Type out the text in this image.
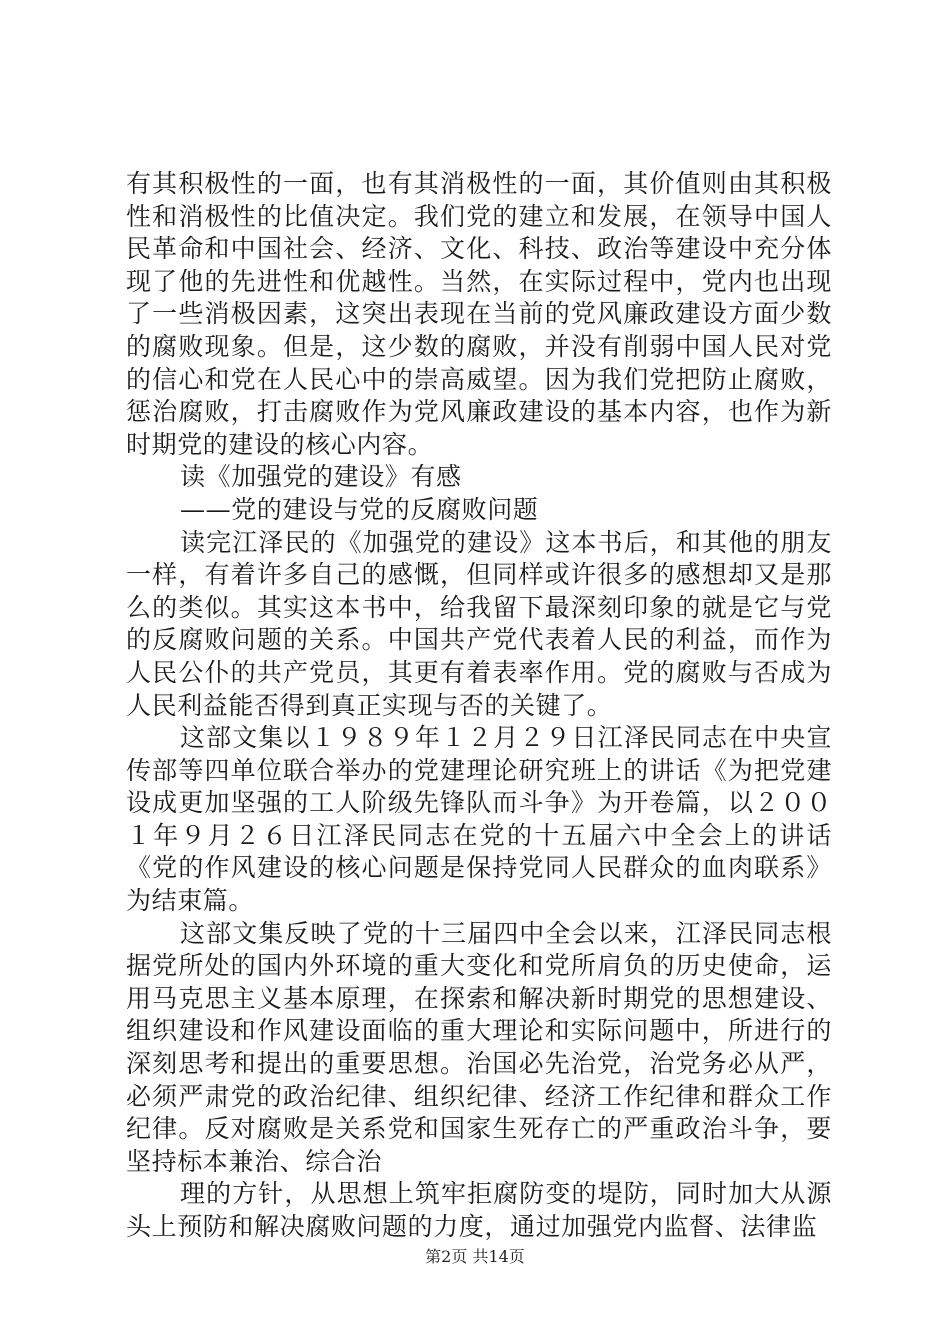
有其积极性的一面，也有其消极性的一面，其价值则由其积极性和消极性的比值决定。我们党的建立和发展，在领导中国人民革命和中国社会、经济、文化、科技、政治等建设中充分体现了他的先进性和优越性。当然，在实际过程中，党内也出现了一些消极因素，这突出表现在当前的党风廉政建设方面少数的腐败现象。但是，这少数的腐败，并没有削弱中国人民对党的信心和党在人民心中的崇高威望。因为我们党把防止腐败，惩治腐败，打击腐败作为党风廉政建设的基本内容，也作为新时期党的建设的核心内容。

读《加强党的建设》有感

——党的建设与党的反腐败问题

读完江泽民的《加强党的建设》这本书后，和其他的朋友一样，有着许多自己的感慨，但同样或许很多的感想却又是那么的类似。其实这本书中，给我留下最深刻印象的就是它与党的反腐败问题的关系。中国共产党代表着人民的利益，而作为人民公仆的共产党员，其更有着表率作用。党的腐败与否成为人民利益能否得到真正实现与否的关键了。

这部文集以１９８９年１２月２９日江泽民同志在中央宣传部等四单位联合举办的党建理论研究班上的讲话《为把党建设成更加坚强的工人阶级先锋队而斗争》为开卷篇，以２００１年９月２６日江泽民同志在党的十五届六中全会上的讲话《党的作风建设的核心问题是保持党同人民群众的血肉联系》为结束篇。

这部文集反映了党的十三届四中全会以来，江泽民同志根据党所处的国内外环境的重大变化和党所肩负的历史使命，运用马克思主义基本原理，在探索和解决新时期党的思想建设、组织建设和作风建设面临的重大理论和实际问题中，所进行的深刻思考和提出的重要思想。治国必先治党，治党务必从严，必须严肃党的政治纪律、组织纪律、经济工作纪律和群众工作纪律。反对腐败是关系党和国家生死存亡的严重政治斗争，要坚持标本兼治、综合治

理的方针，从思想上筑牢拒腐防变的堤防，同时加大从源头上预防和解决腐败问题的力度，通过加强党内监督、法律监

第2页 共14页
